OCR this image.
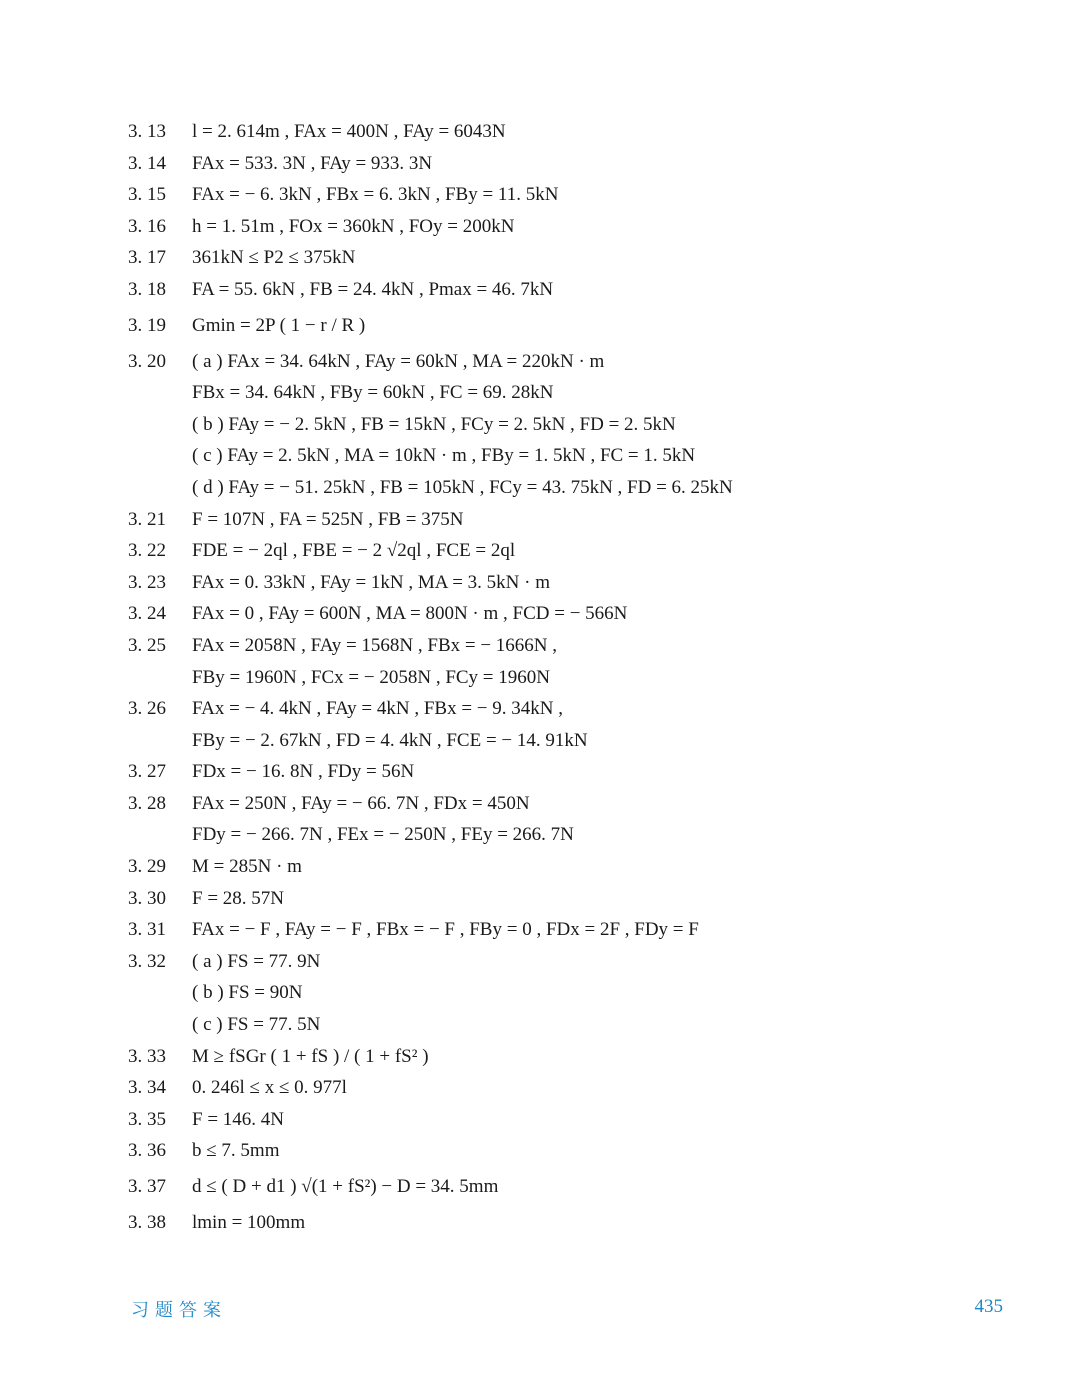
3. 13	l = 2. 614m , FAx = 400N , FAy = 6043N
3. 14	FAx = 533. 3N , FAy = 933. 3N
3. 15	FAx = − 6. 3kN , FBx = 6. 3kN , FBy = 11. 5kN
3. 16	h = 1. 51m , FOx = 360kN , FOy = 200kN
3. 17	361kN ≤ P2 ≤ 375kN
3. 18	FA = 55. 6kN , FB = 24. 4kN , Pmax = 46. 7kN
3. 19	Gmin = 2P ( 1 − r / R )
3. 20	( a ) FAx = 34. 64kN , FAy = 60kN , MA = 220kN · m
FBx = 34. 64kN , FBy = 60kN , FC = 69. 28kN
( b ) FAy = − 2. 5kN , FB = 15kN , FCy = 2. 5kN , FD = 2. 5kN
( c ) FAy = 2. 5kN , MA = 10kN · m , FBy = 1. 5kN , FC = 1. 5kN
( d ) FAy = − 51. 25kN , FB = 105kN , FCy = 43. 75kN , FD = 6. 25kN
3. 21	F = 107N , FA = 525N , FB = 375N
3. 22	FDE = − 2ql , FBE = − 2 √2ql , FCE = 2ql
3. 23	FAx = 0. 33kN , FAy = 1kN , MA = 3. 5kN · m
3. 24	FAx = 0 , FAy = 600N , MA = 800N · m , FCD = − 566N
3. 25	FAx = 2058N , FAy = 1568N , FBx = − 1666N ,
FBy = 1960N , FCx = − 2058N , FCy = 1960N
3. 26	FAx = − 4. 4kN , FAy = 4kN , FBx = − 9. 34kN ,
FBy = − 2. 67kN , FD = 4. 4kN , FCE = − 14. 91kN
3. 27	FDx = − 16. 8N , FDy = 56N
3. 28	FAx = 250N , FAy = − 66. 7N , FDx = 450N
FDy = − 266. 7N , FEx = − 250N , FEy = 266. 7N
3. 29	M = 285N · m
3. 30	F = 28. 57N
3. 31	FAx = − F , FAy = − F , FBx = − F , FBy = 0 , FDx = 2F , FDy = F
3. 32	( a ) FS = 77. 9N
( b ) FS = 90N
( c ) FS = 77. 5N
3. 33	M ≥ fSGr ( 1 + fS ) / ( 1 + fS² )
3. 34	0. 246l ≤ x ≤ 0. 977l
3. 35	F = 146. 4N
3. 36	b ≤ 7. 5mm
3. 37	d ≤ ( D + d1 ) √(1 + fS²) − D = 34. 5mm
3. 38	lmin = 100mm
习题答案	435
